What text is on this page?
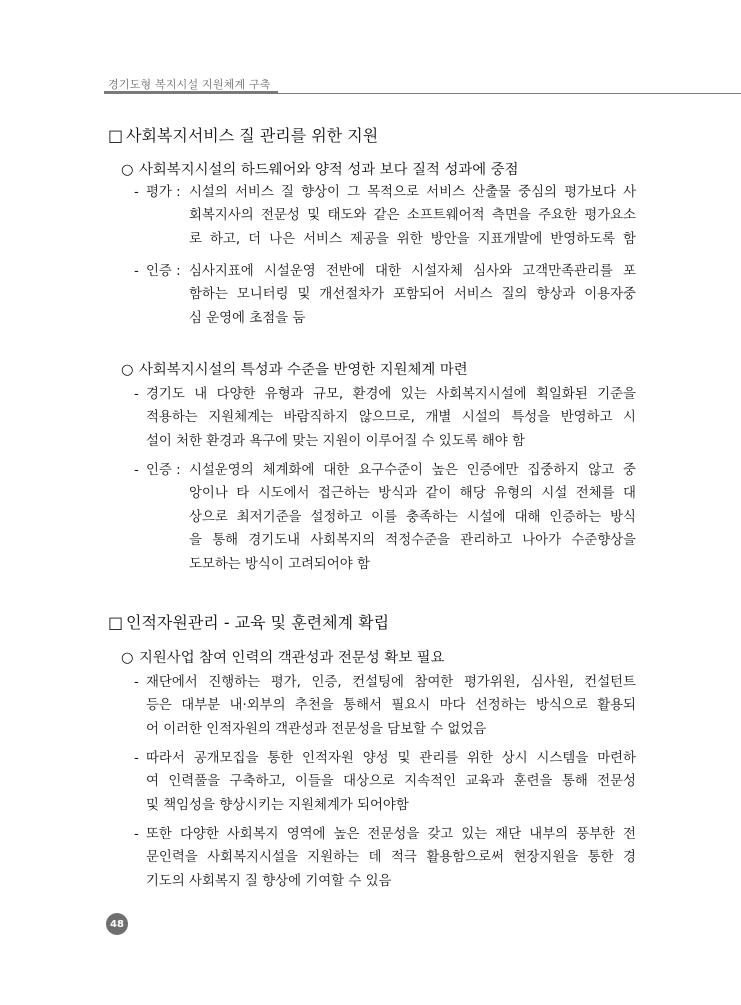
경기도형 복지시설 지원체계 구축
□ 사회복지서비스 질 관리를 위한 지원
○ 사회복지시설의 하드웨어와 양적 성과 보다 질적 성과에 중점
- 평가 : 시설의 서비스 질 향상이 그 목적으로 서비스 산출물 중심의 평가보다 사
회복지사의 전문성 및 태도와 같은 소프트웨어적 측면을 주요한 평가요소
로 하고, 더 나은 서비스 제공을 위한 방안을 지표개발에 반영하도록 함
- 인증 : 심사지표에 시설운영 전반에 대한 시설자체 심사와 고객만족관리를 포
함하는 모니터링 및 개선절차가 포함되어 서비스 질의 향상과 이용자중
심 운영에 초점을 둠
○ 사회복지시설의 특성과 수준을 반영한 지원체계 마련
- 경기도 내 다양한 유형과 규모, 환경에 있는 사회복지시설에 획일화된 기준을
적용하는 지원체계는 바람직하지 않으므로, 개별 시설의 특성을 반영하고 시
설이 처한 환경과 욕구에 맞는 지원이 이루어질 수 있도록 해야 함
- 인증 : 시설운영의 체계화에 대한 요구수준이 높은 인증에만 집중하지 않고 중
앙이나 타 시도에서 접근하는 방식과 같이 해당 유형의 시설 전체를 대
상으로 최저기준을 설정하고 이를 충족하는 시설에 대해 인증하는 방식
을 통해 경기도내 사회복지의 적정수준을 관리하고 나아가 수준향상을
도모하는 방식이 고려되어야 함
□ 인적자원관리 - 교육 및 훈련체계 확립
○ 지원사업 참여 인력의 객관성과 전문성 확보 필요
- 재단에서 진행하는 평가, 인증, 컨설팅에 참여한 평가위원, 심사원, 컨설턴트
등은 대부분 내·외부의 추천을 통해서 필요시 마다 선정하는 방식으로 활용되
어 이러한 인적자원의 객관성과 전문성을 담보할 수 없었음
- 따라서 공개모집을 통한 인적자원 양성 및 관리를 위한 상시 시스템을 마련하
여 인력풀을 구축하고, 이들을 대상으로 지속적인 교육과 훈련을 통해 전문성
및 책임성을 향상시키는 지원체계가 되어야함
- 또한 다양한 사회복지 영역에 높은 전문성을 갖고 있는 재단 내부의 풍부한 전
문인력을 사회복지시설을 지원하는 데 적극 활용함으로써 현장지원을 통한 경
기도의 사회복지 질 향상에 기여할 수 있음
48
